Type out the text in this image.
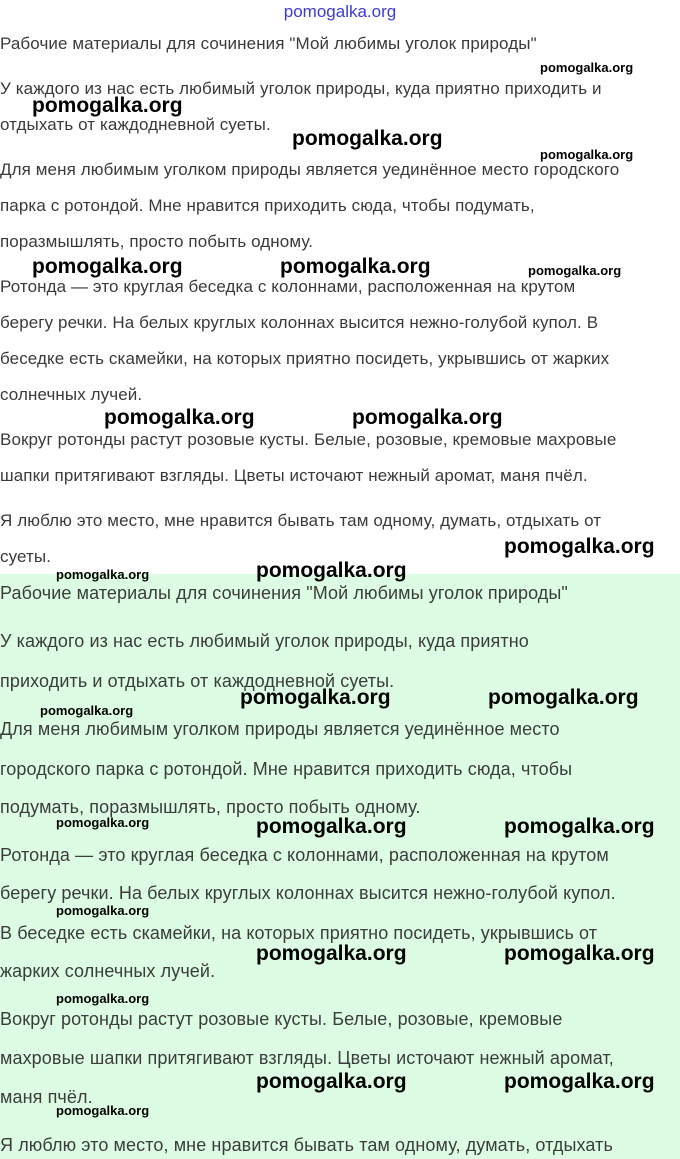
Рабочие материалы для сочинения "Мой любимы уголок природы"
У каждого из нас есть любимый уголок природы, куда приятно приходить и
отдыхать от каждодневной суеты.
Для меня любимым уголком природы является уединённое место городского
парка с ротондой. Мне нравится приходить сюда, чтобы подумать,
поразмышлять, просто побыть одному.
Ротонда — это круглая беседка с колоннами, расположенная на крутом
берегу речки. На белых круглых колоннах высится нежно-голубой купол. В
беседке есть скамейки, на которых приятно посидеть, укрывшись от жарких
солнечных лучей.
Вокруг ротонды растут розовые кусты. Белые, розовые, кремовые махровые
шапки притягивают взгляды. Цветы источают нежный аромат, маня пчёл.
Я люблю это место, мне нравится бывать там одному, думать, отдыхать от
суеты.
Рабочие материалы для сочинения "Мой любимы уголок природы"
У каждого из нас есть любимый уголок природы, куда приятно
приходить и отдыхать от каждодневной суеты.
Для меня любимым уголком природы является уединённое место
городского парка с ротондой. Мне нравится приходить сюда, чтобы
подумать, поразмышлять, просто побыть одному.
Ротонда — это круглая беседка с колоннами, расположенная на крутом
берегу речки. На белых круглых колоннах высится нежно-голубой купол.
В беседке есть скамейки, на которых приятно посидеть, укрывшись от
жарких солнечных лучей.
Вокруг ротонды растут розовые кусты. Белые, розовые, кремовые
махровые шапки притягивают взгляды. Цветы источают нежный аромат,
маня пчёл.
Я люблю это место, мне нравится бывать там одному, думать, отдыхать
pomogalka.org
pomogalka.org
pomogalka.org
pomogalka.org
pomogalka.org
pomogalka.org	pomogalka.org	pomogalka.org
pomogalka.org	pomogalka.org
pomogalka.org
pomogalka.org	pomogalka.org
pomogalka.org	pomogalka.org
pomogalka.org
pomogalka.org	pomogalka.org	pomogalka.org
pomogalka.org
pomogalka.org	pomogalka.org
pomogalka.org
pomogalka.org	pomogalka.org
pomogalka.org
